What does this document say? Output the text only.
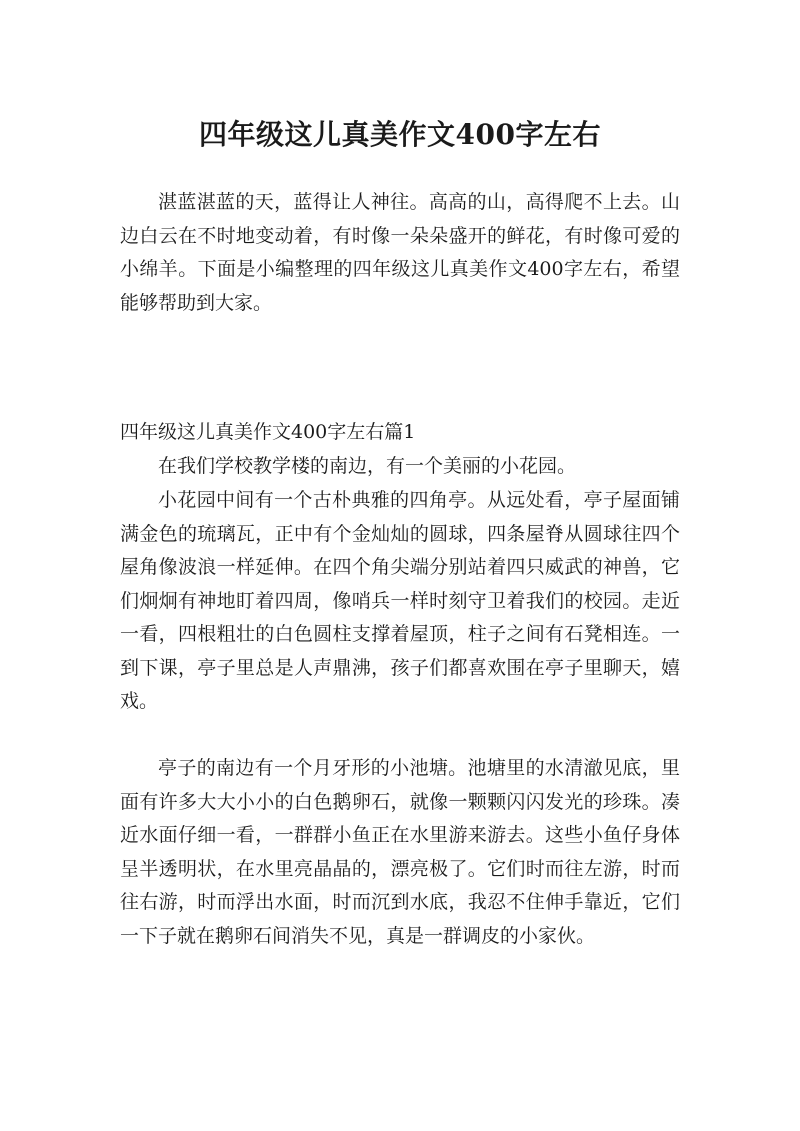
四年级这儿真美作文400字左右

湛蓝湛蓝的天，蓝得让人神往。高高的山，高得爬不上去。山边白云在不时地变动着，有时像一朵朵盛开的鲜花，有时像可爱的小绵羊。下面是小编整理的四年级这儿真美作文400字左右，希望能够帮助到大家。

四年级这儿真美作文400字左右篇1

在我们学校教学楼的南边，有一个美丽的小花园。

小花园中间有一个古朴典雅的四角亭。从远处看，亭子屋面铺满金色的琉璃瓦，正中有个金灿灿的圆球，四条屋脊从圆球往四个屋角像波浪一样延伸。在四个角尖端分别站着四只威武的神兽，它们炯炯有神地盯着四周，像哨兵一样时刻守卫着我们的校园。走近一看，四根粗壮的白色圆柱支撑着屋顶，柱子之间有石凳相连。一到下课，亭子里总是人声鼎沸，孩子们都喜欢围在亭子里聊天，嬉戏。

亭子的南边有一个月牙形的小池塘。池塘里的水清澈见底，里面有许多大大小小的白色鹅卵石，就像一颗颗闪闪发光的珍珠。凑近水面仔细一看，一群群小鱼正在水里游来游去。这些小鱼仔身体呈半透明状，在水里亮晶晶的，漂亮极了。它们时而往左游，时而往右游，时而浮出水面，时而沉到水底，我忍不住伸手靠近，它们一下子就在鹅卵石间消失不见，真是一群调皮的小家伙。
